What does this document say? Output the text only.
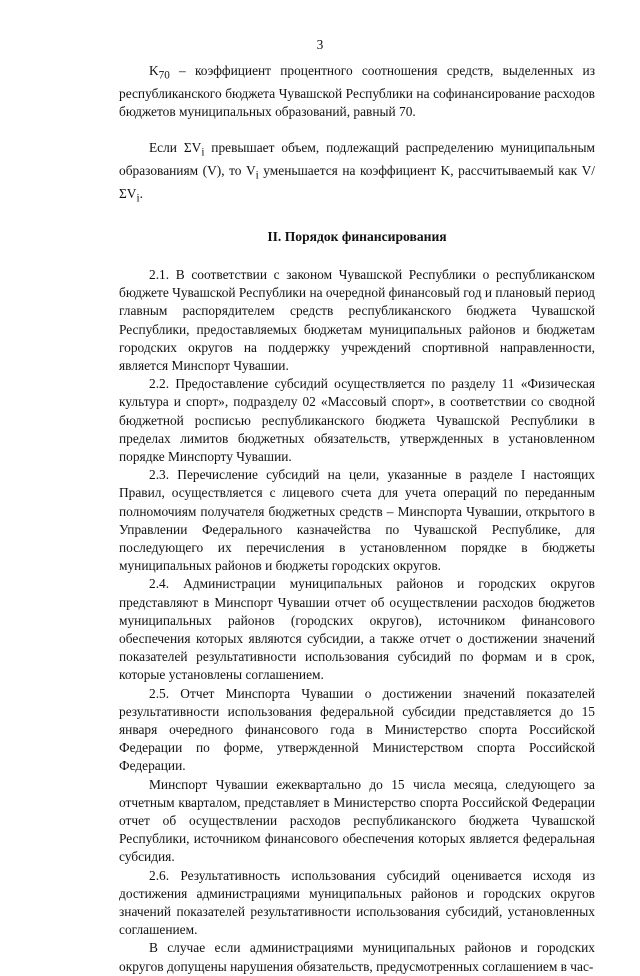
3

$K_{70}$ – коэффициент процентного соотношения средств, выделенных из республиканского бюджета Чувашской Республики на софинансирование расходов бюджетов муниципальных образований, равный 70.

Если $\Sigma V_i$ превышает объем, подлежащий распределению муниципальным образованиям (V), то $V_i$ уменьшается на коэффициент K, рассчитываемый как $V/\Sigma V_i$.

II. Порядок финансирования

2.1. В соответствии с законом Чувашской Республики о республиканском бюджете Чувашской Республики на очередной финансовый год и плановый период главным распорядителем средств республиканского бюджета Чувашской Республики, предоставляемых бюджетам муниципальных районов и бюджетам городских округов на поддержку учреждений спортивной направленности, является Минспорт Чувашии.

2.2. Предоставление субсидий осуществляется по разделу 11 «Физическая культура и спорт», подразделу 02 «Массовый спорт», в соответствии со сводной бюджетной росписью республиканского бюджета Чувашской Республики в пределах лимитов бюджетных обязательств, утвержденных в установленном порядке Минспорту Чувашии.

2.3. Перечисление субсидий на цели, указанные в разделе I настоящих Правил, осуществляется с лицевого счета для учета операций по переданным полномочиям получателя бюджетных средств – Минспорта Чувашии, открытого в Управлении Федерального казначейства по Чувашской Республике, для последующего их перечисления в установленном порядке в бюджеты муниципальных районов и бюджеты городских округов.

2.4. Администрации муниципальных районов и городских округов представляют в Минспорт Чувашии отчет об осуществлении расходов бюджетов муниципальных районов (городских округов), источником финансового обеспечения которых являются субсидии, а также отчет о достижении значений показателей результативности использования субсидий по формам и в срок, которые установлены соглашением.

2.5. Отчет Минспорта Чувашии о достижении значений показателей результативности использования федеральной субсидии представляется до 15 января очередного финансового года в Министерство спорта Российской Федерации по форме, утвержденной Министерством спорта Российской Федерации.

Минспорт Чувашии ежеквартально до 15 числа месяца, следующего за отчетным кварталом, представляет в Министерство спорта Российской Федерации отчет об осуществлении расходов республиканского бюджета Чувашской Республики, источником финансового обеспечения которых является федеральная субсидия.

2.6. Результативность использования субсидий оценивается исходя из достижения администрациями муниципальных районов и городских округов значений показателей результативности использования субсидий, установленных соглашением.

В случае если администрациями муниципальных районов и городских округов допущены нарушения обязательств, предусмотренных соглашением в час-
